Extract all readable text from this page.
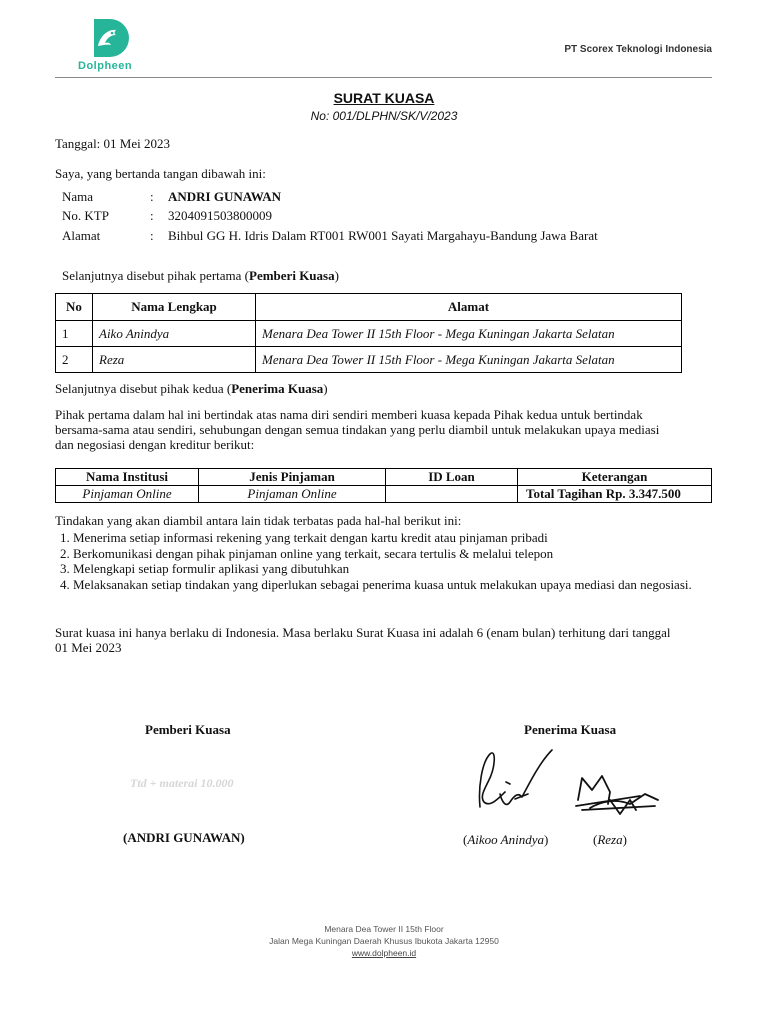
Dolpheen
PT Scorex Teknologi Indonesia
SURAT KUASA
No: 001/DLPHN/SK/V/2023
Tanggal: 01 Mei 2023
Saya, yang bertanda tangan dibawah ini:
Nama	: ANDRI GUNAWAN
No. KTP	: 3204091503800009
Alamat	: Bihbul GG H. Idris Dalam RT001 RW001 Sayati Margahayu-Bandung Jawa Barat
Selanjutnya disebut pihak pertama (Pemberi Kuasa)
No	Nama Lengkap	Alamat
1	Aiko Anindya	Menara Dea Tower II 15th Floor - Mega Kuningan Jakarta Selatan
2	Reza	Menara Dea Tower II 15th Floor - Mega Kuningan Jakarta Selatan
Selanjutnya disebut pihak kedua (Penerima Kuasa)
Pihak pertama dalam hal ini bertindak atas nama diri sendiri memberi kuasa kepada Pihak kedua untuk bertindak
bersama-sama atau sendiri, sehubungan dengan semua tindakan yang perlu diambil untuk melakukan upaya mediasi
dan negosiasi dengan kreditur berikut:
Nama Institusi	Jenis Pinjaman	ID Loan	Keterangan
Pinjaman Online	Pinjaman Online		Total Tagihan Rp. 3.347.500
Tindakan yang akan diambil antara lain tidak terbatas pada hal-hal berikut ini:
1. Menerima setiap informasi rekening yang terkait dengan kartu kredit atau pinjaman pribadi
2. Berkomunikasi dengan pihak pinjaman online yang terkait, secara tertulis & melalui telepon
3. Melengkapi setiap formulir aplikasi yang dibutuhkan
4. Melaksanakan setiap tindakan yang diperlukan sebagai penerima kuasa untuk melakukan upaya mediasi dan negosiasi.
Surat kuasa ini hanya berlaku di Indonesia. Masa berlaku Surat Kuasa ini adalah 6 (enam bulan) terhitung dari tanggal
01 Mei 2023
Pemberi Kuasa	Penerima Kuasa
Ttd + materai 10.000
(ANDRI GUNAWAN)	(Aikoo Anindya)	(Reza)
Menara Dea Tower II 15th Floor
Jalan Mega Kuningan Daerah Khusus Ibukota Jakarta 12950
www.dolpheen.id
